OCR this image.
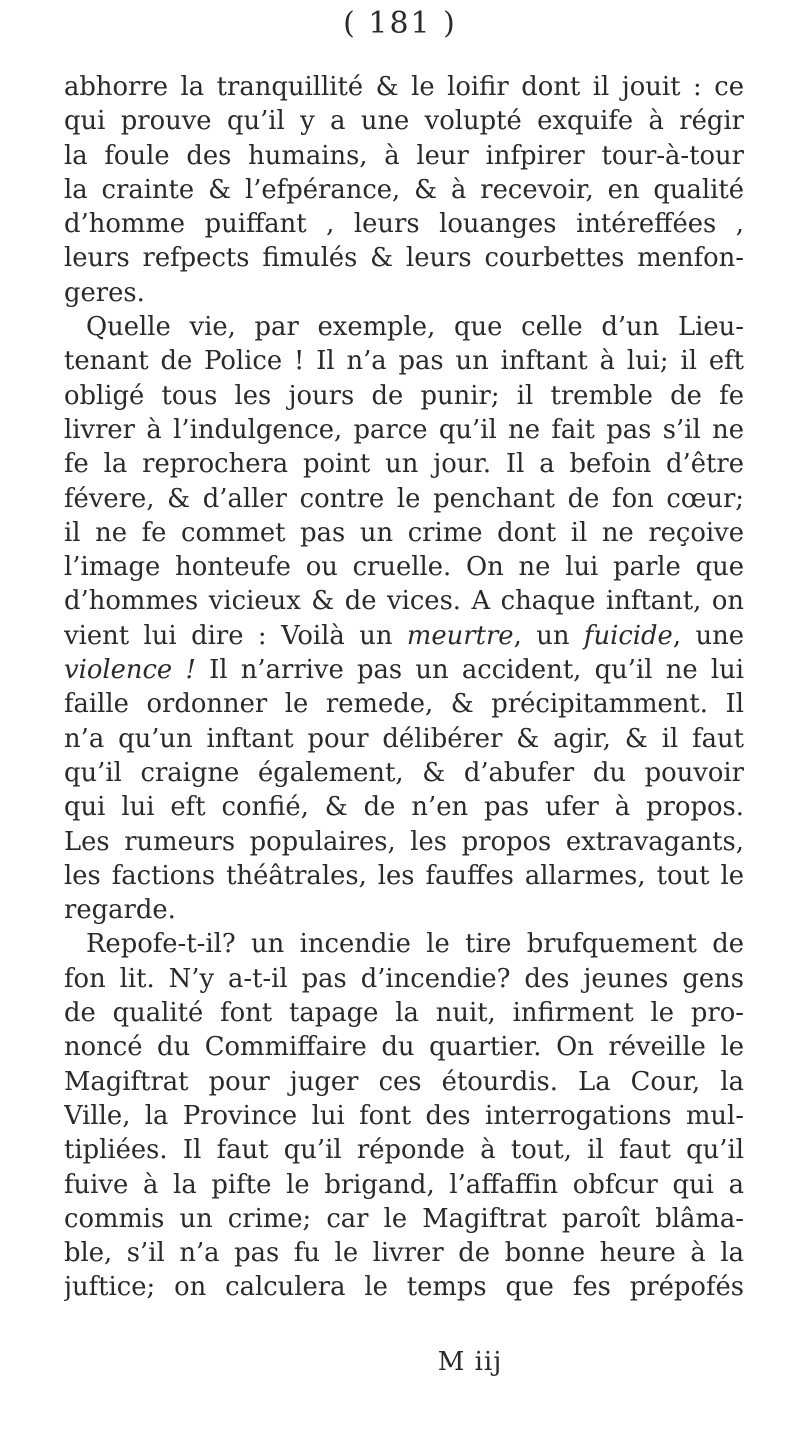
( 181 )
abhorre la tranquillité & le loifir dont il jouit : ce
qui prouve qu’il y a une volupté exquife à régir
la foule des humains, à leur infpirer tour-à-tour
la crainte & l’efpérance, & à recevoir, en qualité
d’homme puiffant , leurs louanges intéreffées ,
leurs refpects fimulés & leurs courbettes menfon-
geres.
Quelle vie, par exemple, que celle d’un Lieu-
tenant de Police ! Il n’a pas un inftant à lui; il eft
obligé tous les jours de punir; il tremble de fe
livrer à l’indulgence, parce qu’il ne fait pas s’il ne
fe la reprochera point un jour. Il a befoin d’être
févere, & d’aller contre le penchant de fon cœur;
il ne fe commet pas un crime dont il ne reçoive
l’image honteufe ou cruelle. On ne lui parle que
d’hommes vicieux & de vices. A chaque inftant, on
vient lui dire : Voilà un meurtre, un fuicide, une
violence ! Il n’arrive pas un accident, qu’il ne lui
faille ordonner le remede, & précipitamment. Il
n’a qu’un inftant pour délibérer & agir, & il faut
qu’il craigne également, & d’abufer du pouvoir
qui lui eft confié, & de n’en pas ufer à propos.
Les rumeurs populaires, les propos extravagants,
les factions théâtrales, les fauffes allarmes, tout le
regarde.
Repofe-t-il? un incendie le tire brufquement de
fon lit. N’y a-t-il pas d’incendie? des jeunes gens
de qualité font tapage la nuit, infirment le pro-
noncé du Commiffaire du quartier. On réveille le
Magiftrat pour juger ces étourdis. La Cour, la
Ville, la Province lui font des interrogations mul-
tipliées. Il faut qu’il réponde à tout, il faut qu’il
fuive à la pifte le brigand, l’affaffin obfcur qui a
commis un crime; car le Magiftrat paroît blâma-
ble, s’il n’a pas fu le livrer de bonne heure à la
juftice; on calculera le temps que fes prépofés
M iij
